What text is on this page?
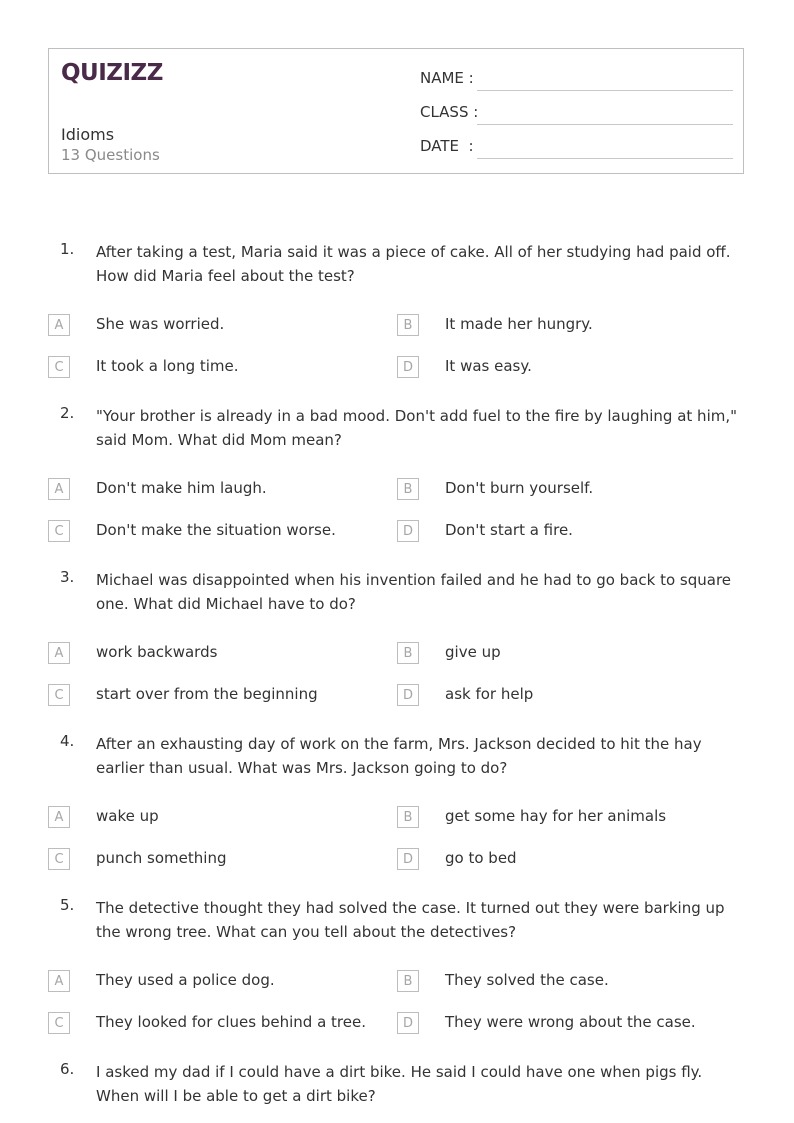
QUIZIZZ
Idioms
13 Questions
NAME :
CLASS :
DATE  :
1. After taking a test, Maria said it was a piece of cake. All of her studying had paid off. How did Maria feel about the test?
A	She was worried.	B	It made her hungry.
C	It took a long time.	D	It was easy.
2. "Your brother is already in a bad mood. Don't add fuel to the fire by laughing at him," said Mom. What did Mom mean?
A	Don't make him laugh.	B	Don't burn yourself.
C	Don't make the situation worse.	D	Don't start a fire.
3. Michael was disappointed when his invention failed and he had to go back to square one. What did Michael have to do?
A	work backwards	B	give up
C	start over from the beginning	D	ask for help
4. After an exhausting day of work on the farm, Mrs. Jackson decided to hit the hay earlier than usual. What was Mrs. Jackson going to do?
A	wake up	B	get some hay for her animals
C	punch something	D	go to bed
5. The detective thought they had solved the case. It turned out they were barking up the wrong tree. What can you tell about the detectives?
A	They used a police dog.	B	They solved the case.
C	They looked for clues behind a tree.	D	They were wrong about the case.
6. I asked my dad if I could have a dirt bike. He said I could have one when pigs fly. When will I be able to get a dirt bike?
